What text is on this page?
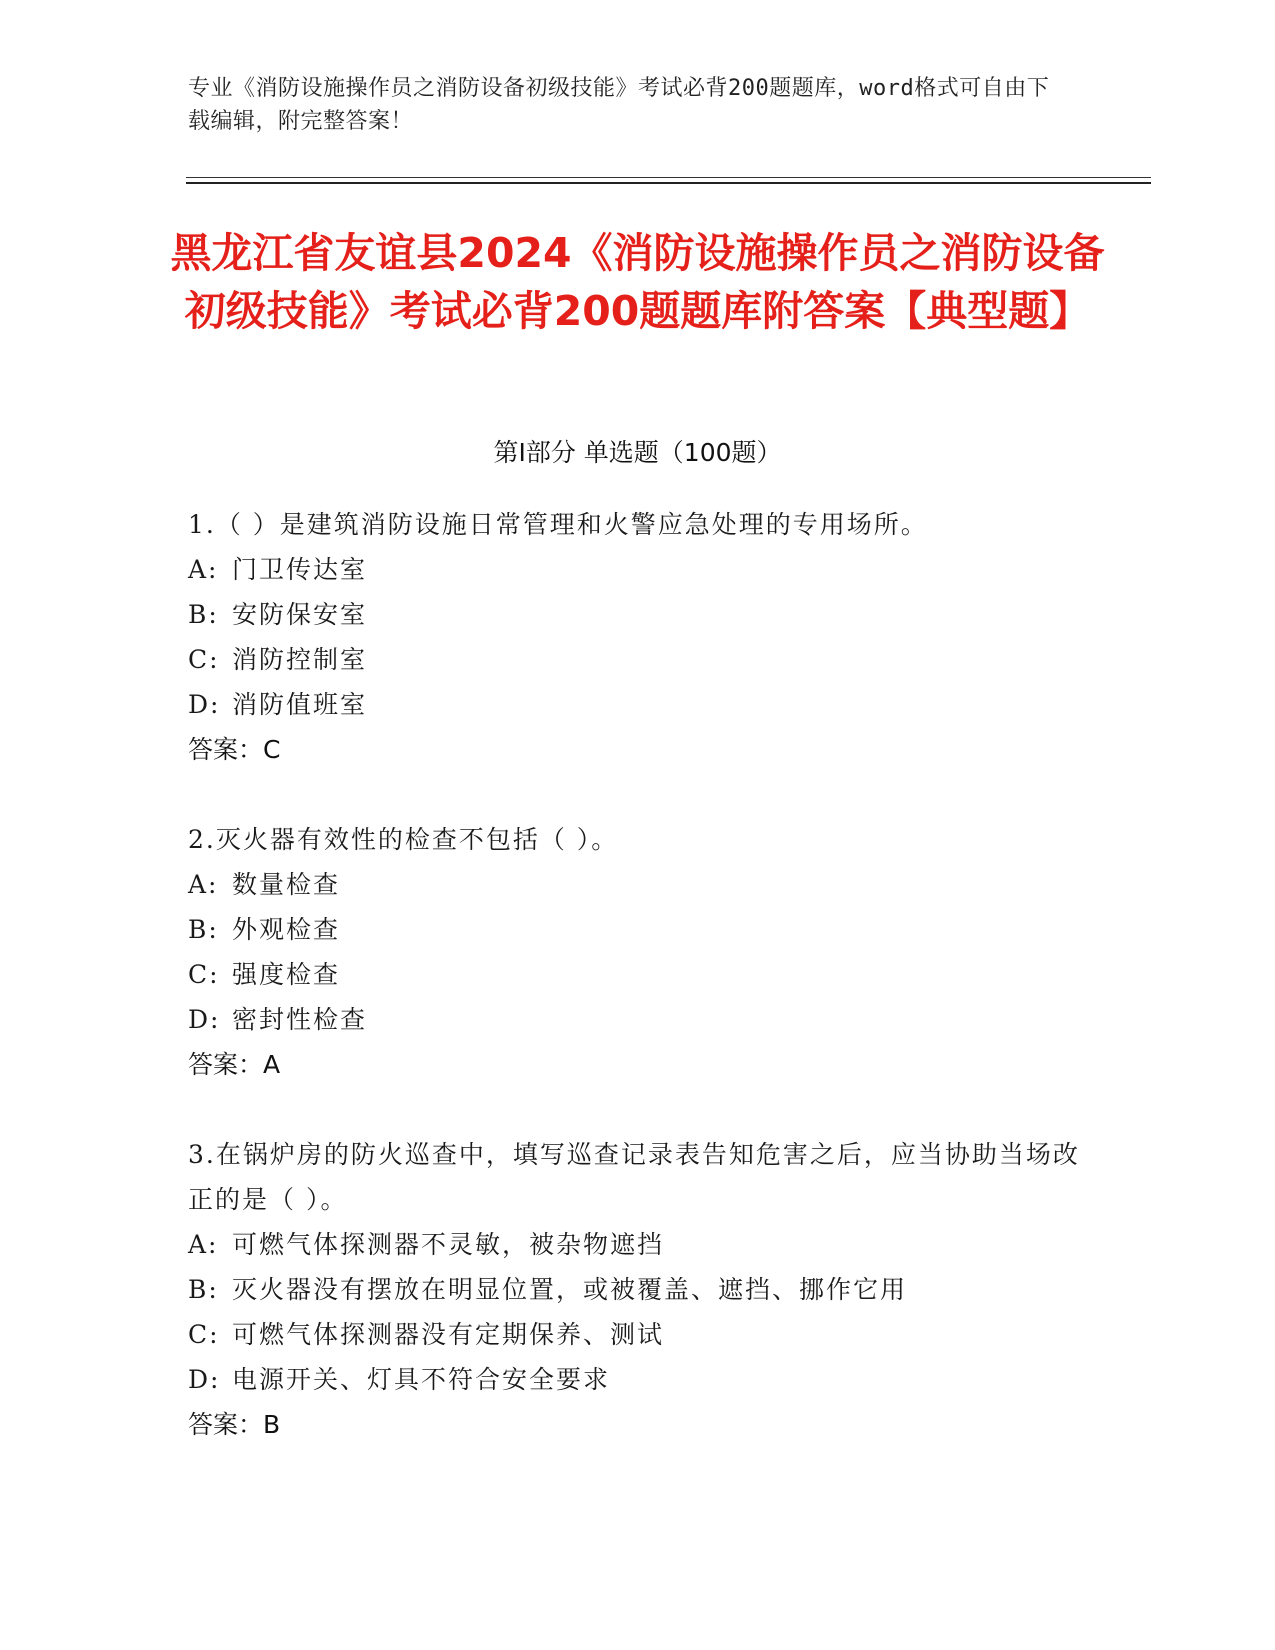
专业《消防设施操作员之消防设备初级技能》考试必背200题题库，word格式可自由下载编辑，附完整答案！
黑龙江省友谊县2024《消防设施操作员之消防设备初级技能》考试必背200题题库附答案【典型题】
第Ⅰ部分 单选题（100题）

1.（ ）是建筑消防设施日常管理和火警应急处理的专用场所。

A: 门卫传达室

B: 安防保安室

C: 消防控制室

D: 消防值班室

答案：C

2.灭火器有效性的检查不包括（ ）。

A: 数量检查

B: 外观检查

C: 强度检查

D: 密封性检查

答案：A

3.在锅炉房的防火巡查中，填写巡查记录表告知危害之后，应当协助当场改正的是（ ）。

A: 可燃气体探测器不灵敏，被杂物遮挡

B: 灭火器没有摆放在明显位置，或被覆盖、遮挡、挪作它用

C: 可燃气体探测器没有定期保养、测试

D: 电源开关、灯具不符合安全要求

答案：B
